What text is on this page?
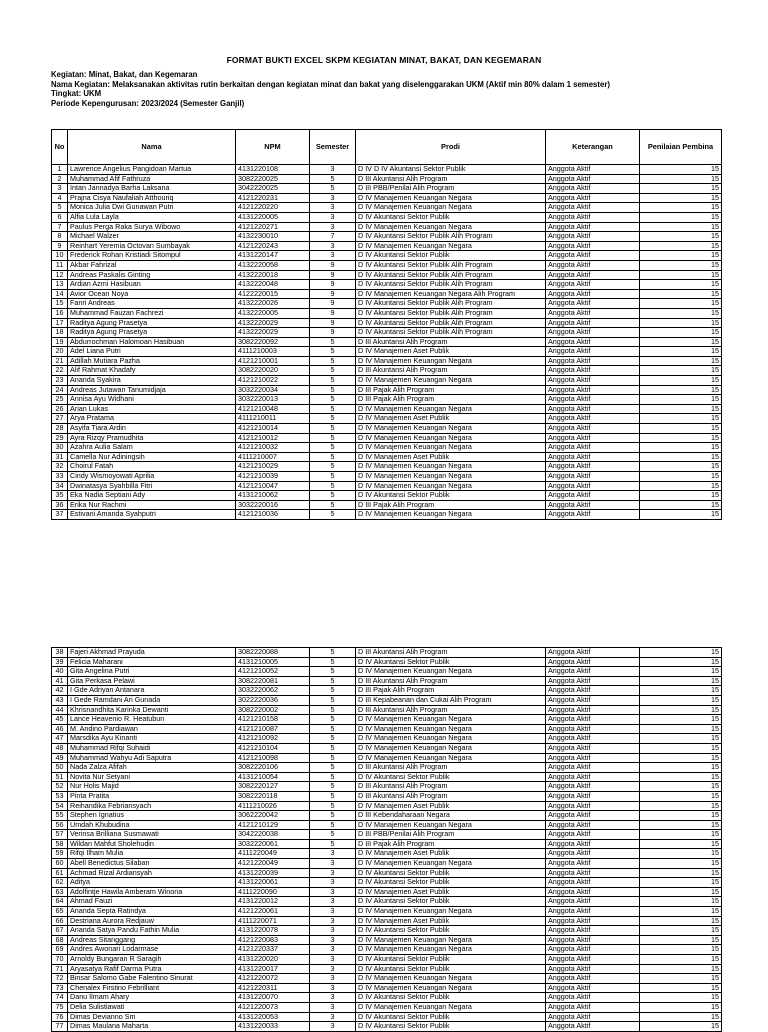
FORMAT BUKTI EXCEL SKPM KEGIATAN MINAT, BAKAT, DAN KEGEMARAN
Kegiatan: Minat, Bakat, dan Kegemaran
Nama Kegiatan: Melaksanakan aktivitas rutin berkaitan dengan kegiatan minat dan bakat yang diselenggarakan UKM (Aktif min 80% dalam 1 semester)
Tingkat: UKM
Periode Kepengurusan: 2023/2024 (Semester Ganjil)
No	Nama	NPM	Semester	Prodi	Keterangan	Penilaian Pembina
1	Lawrence Angelius Pangidoan Martua	4131220108	3	D IV D IV Akuntansi Sektor Publik	Anggota Aktif	15
2	Muhammad Afif Fathruza	3082220025	5	D III Akuntansi Alih Program	Anggota Aktif	15
3	Intan Jannadya Barha Laksana	3042220025	5	D III PBB/Penilai Alih Program	Anggota Aktif	15
4	Prajna Cisya Naufaliah Atthouriq	4121220231	3	D IV Manajemen Keuangan Negara	Anggota Aktif	15
5	Monica Julia Dwi Gunawan Putri	4121220220	3	D IV Manajemen Keuangan Negara	Anggota Aktif	15
6	Alfia Lula Layla	4131220005	3	D IV Akuntansi Sektor Publik	Anggota Aktif	15
7	Paulus Perga Raka Surya Wibowo	4121220271	3	D IV Manajemen Keuangan Negara	Anggota Aktif	15
8	Michael Walzer	4132230010	7	D IV Akuntansi Sektor Publik Alih Program	Anggota Aktif	15
9	Reinhart Yeremia Octovan Sumbayak	4121220243	3	D IV Manajemen Keuangan Negara	Anggota Aktif	15
10	Frederick Rohan Kristiadi Sitompul	4131220147	3	D IV Akuntansi Sektor Publik	Anggota Aktif	15
11	Akbar Fahrizal	4132220058	9	D IV Akuntansi Sektor Publik Alih Program	Anggota Aktif	15
12	Andreas Paskalis Ginting	4132220018	9	D IV Akuntansi Sektor Publik Alih Program	Anggota Aktif	15
13	Ardian Azmi Hasibuan	4132220048	9	D IV Akuntansi Sektor Publik Alih Program	Anggota Aktif	15
14	Avior Ocean Noya	4122220015	9	D IV Manajemen Keuangan Negara Alih Program	Anggota Aktif	15
15	Fanri Andreas	4132220026	9	D IV Akuntansi Sektor Publik Alih Program	Anggota Aktif	15
16	Muhammad Fauzan Fachrezi	4132220005	9	D IV Akuntansi Sektor Publik Alih Program	Anggota Aktif	15
17	Raditya Agung Prasetya	4132220029	9	D IV Akuntansi Sektor Publik Alih Program	Anggota Aktif	15
18	Raditya Agung Prasetya	4132220029	9	D IV Akuntansi Sektor Publik Alih Program	Anggota Aktif	15
19	Abdurrochman Halomoan Hasibuan	3082220092	5	D III Akuntansi Alih Program	Anggota Aktif	15
20	Adel Liana Putri	4111210003	5	D IV Manajemen Aset Publik	Anggota Aktif	15
21	Adillah Mutiara Pazha	4121210001	5	D IV Manajemen Keuangan Negara	Anggota Aktif	15
22	Alif Rahmat Khadafy	3082220020	5	D III Akuntansi Alih Program	Anggota Aktif	15
23	Ananda Syakira	4121210022	5	D IV Manajemen Keuangan Negara	Anggota Aktif	15
24	Andreas Jutawan Tanumidjaja	3032220034	5	D III Pajak Alih Program	Anggota Aktif	15
25	Annisa Ayu Widhani	3032220013	5	D III Pajak Alih Program	Anggota Aktif	15
26	Arian Lukas	4121210048	5	D IV Manajemen Keuangan Negara	Anggota Aktif	15
27	Arya Pratama	4111210011	5	D IV Manajemen Aset Publik	Anggota Aktif	15
28	Asyifa Tiara Ardin	4121210014	5	D IV Manajemen Keuangan Negara	Anggota Aktif	15
29	Ayra Rizqy Pramudhita	4121210012	5	D IV Manajemen Keuangan Negara	Anggota Aktif	15
30	Azahra Aulia Salam	4121210032	5	D IV Manajemen Keuangan Negara	Anggota Aktif	15
31	Camella Nur Adiningsih	4111210007	5	D IV Manajemen Aset Publik	Anggota Aktif	15
32	Choirul Fatah	4121210029	5	D IV Manajemen Keuangan Negara	Anggota Aktif	15
33	Cindy Wismoyowati Aprilia	4121210039	5	D IV Manajemen Keuangan Negara	Anggota Aktif	15
34	Dwinatasya Syahbilla Fitri	4121210047	5	D IV Manajemen Keuangan Negara	Anggota Aktif	15
35	Eka Nadia Septiani Ady	4131210062	5	D IV Akuntansi Sektor Publik	Anggota Aktif	15
36	Erika Nur Rachmi	3032220016	5	D III Pajak Alih Program	Anggota Aktif	15
37	Estivani Amanda Syahputri	4121210036	5	D IV Manajemen Keuangan Negara	Anggota Aktif	15
38	Fajeri Akhmad Prayuda	3082220088	5	D III Akuntansi Alih Program	Anggota Aktif	15
39	Felicia Maharani	4131210005	5	D IV Akuntansi Sektor Publik	Anggota Aktif	15
40	Gita Angelina Putri	4121210052	5	D IV Manajemen Keuangan Negara	Anggota Aktif	15
41	Gita Perkasa Pelawi	3082220081	5	D III Akuntansi Alih Program	Anggota Aktif	15
42	I Gde Adriyan Antanara	3032220062	5	D III Pajak Alih Program	Anggota Aktif	15
43	I Gede Ramdani Ari Gunada	3022220036	5	D III Kepabeanan dan Cukai Alih Program	Anggota Aktif	15
44	Khrisnandhita Karinka Dewanti	3082220002	5	D III Akuntansi Alih Program	Anggota Aktif	15
45	Lance Heavenio R. Heatubun	4121210158	5	D IV Manajemen Keuangan Negara	Anggota Aktif	15
46	M. Andino Pardiawan	4121210087	5	D IV Manajemen Keuangan Negara	Anggota Aktif	15
47	Marsdika Ayu Kinanti	4121210092	5	D IV Manajemen Keuangan Negara	Anggota Aktif	15
48	Muhammad Rifqi Suhaidi	4121210104	5	D IV Manajemen Keuangan Negara	Anggota Aktif	15
49	Muhammad Wahyu Adi Saputra	4121210098	5	D IV Manajemen Keuangan Negara	Anggota Aktif	15
50	Nada Zalza Afifah	3082220106	5	D III Akuntansi Alih Program	Anggota Aktif	15
51	Novita Nur Setyani	4131210054	5	D IV Akuntansi Sektor Publik	Anggota Aktif	15
52	Nur Holis Majid	3082220127	5	D III Akuntansi Alih Program	Anggota Aktif	15
53	Pinta Pratita	3082220118	5	D III Akuntansi Alih Program	Anggota Aktif	15
54	Reihandika Febriansyach	4111210026	5	D IV Manajemen Aset Publik	Anggota Aktif	15
55	Stephen Ignatius	3062220042	5	D III Kebendaharaan Negara	Anggota Aktif	15
56	Umdah Khubudina	4121210129	5	D IV Manajemen Keuangan Negara	Anggota Aktif	15
57	Verinsa Brilliana Susmawati	3042220038	5	D III PBB/Penilai Alih Program	Anggota Aktif	15
58	Wildan Mahfut Sholehudin	3032220061	5	D III Pajak Alih Program	Anggota Aktif	15
59	Rifqi Ilham Mulia	4111220049	3	D IV Manajemen Aset Publik	Anggota Aktif	15
60	Abell Benedictus Silaban	4121220049	3	D IV Manajemen Keuangan Negara	Anggota Aktif	15
61	Achmad Rizal Ardiansyah	4131220039	3	D IV Akuntansi Sektor Publik	Anggota Aktif	15
62	Aditya	4131220061	3	D IV Akuntansi Sektor Publik	Anggota Aktif	15
63	Adolfintje Hawila Amberam Winona	4111220090	3	D IV Manajemen Aset Publik	Anggota Aktif	15
64	Ahmad Fauzi	4131220012	3	D IV Akuntansi Sektor Publik	Anggota Aktif	15
65	Ananda Septa Ratindya	4121220061	3	D IV Manajemen Keuangan Negara	Anggota Aktif	15
66	Destriana Aurora Redjauw	4111220071	3	D IV Manajemen Aset Publik	Anggota Aktif	15
67	Ananda Satya Pandu Fathin Mulia	4131220078	3	D IV Akuntansi Sektor Publik	Anggota Aktif	15
68	Andreas Sitanggang	4121220083	3	D IV Manajemen Keuangan Negara	Anggota Aktif	15
69	Andres Awonari Lodarmase	4121220337	3	D IV Manajemen Keuangan Negara	Anggota Aktif	15
70	Arnoldy Bungaran R Saragih	4131220020	3	D IV Akuntansi Sektor Publik	Anggota Aktif	15
71	Aryasatya Rafif Darma Putra	4131220017	3	D IV Akuntansi Sektor Publik	Anggota Aktif	15
72	Binsar Salomo Gabe Falentino Sinurat	4121220072	3	D IV Manajemen Keuangan Negara	Anggota Aktif	15
73	Chenalex Firstino Febrilliant	4121220311	3	D IV Manajemen Keuangan Negara	Anggota Aktif	15
74	Danu Ilmam Ahary	4131220070	3	D IV Akuntansi Sektor Publik	Anggota Aktif	15
75	Delia Sulistiawati	4121220073	3	D IV Manajemen Keuangan Negara	Anggota Aktif	15
76	Dimas Devianno Sm	4131220053	3	D IV Akuntansi Sektor Publik	Anggota Aktif	15
77	Dimas Maulana Maharta	4131220033	3	D IV Akuntansi Sektor Publik	Anggota Aktif	15
